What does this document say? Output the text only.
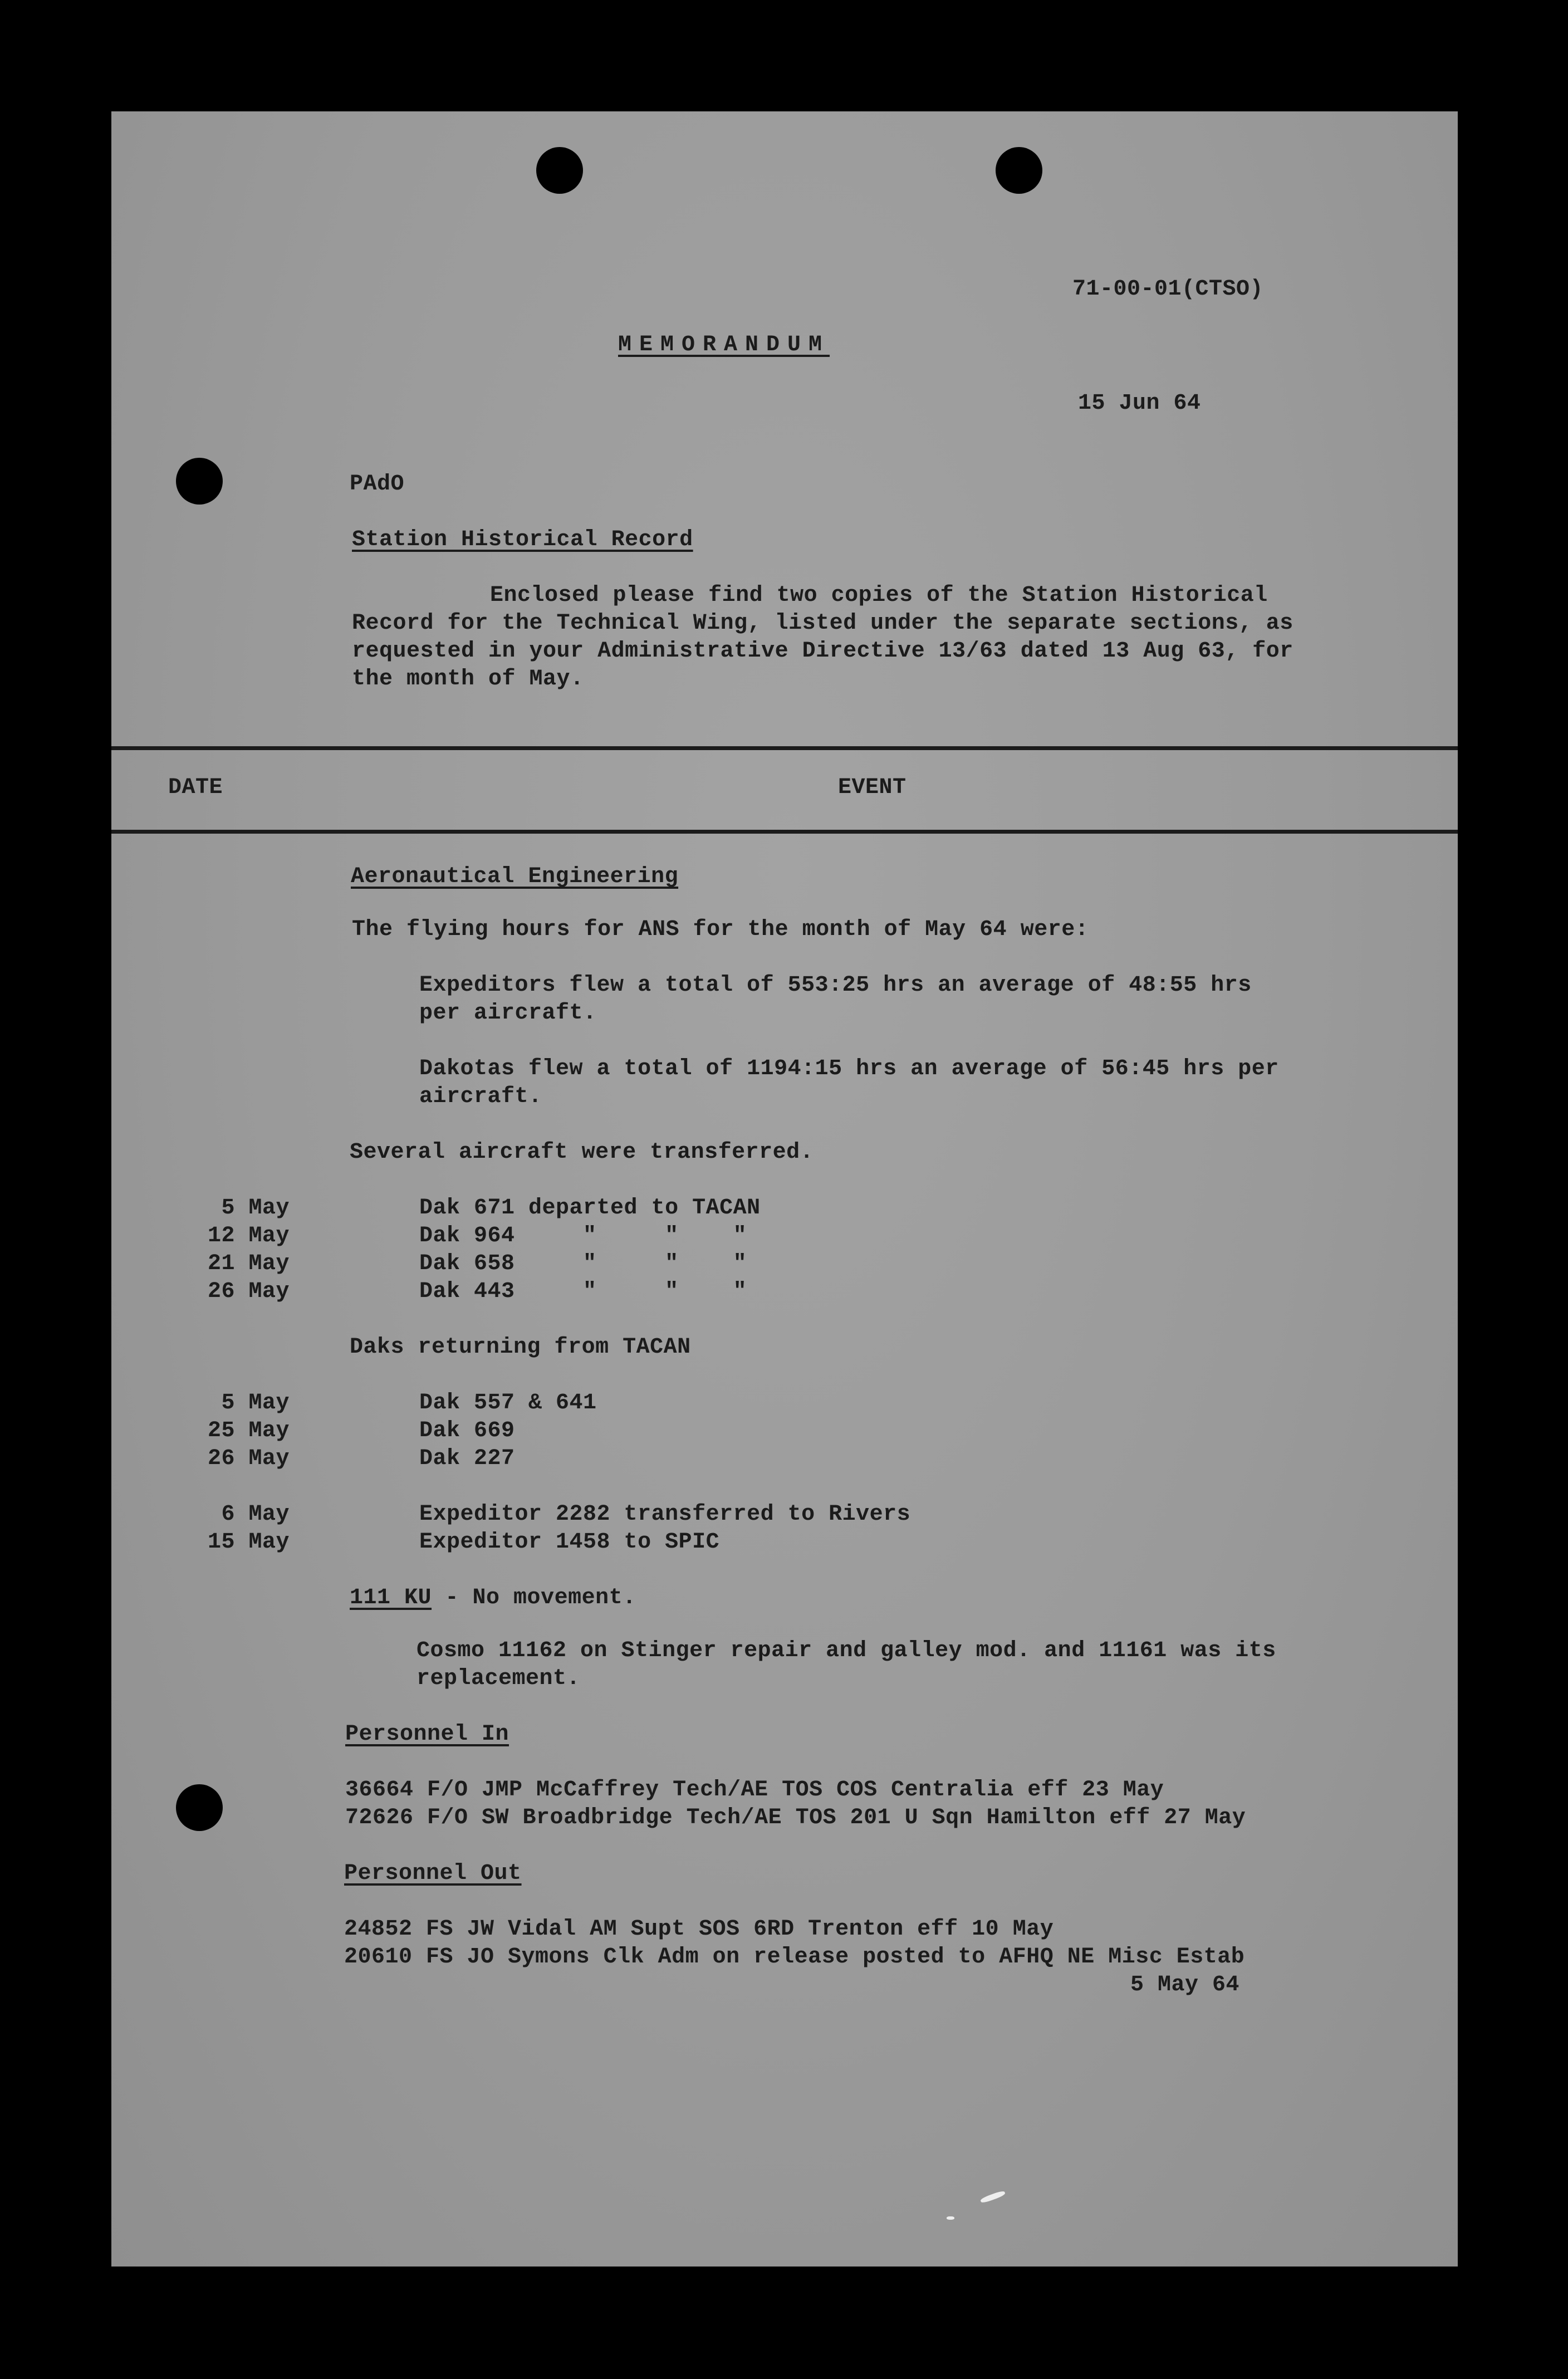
71-00-01(CTSO)
MEMORANDUM
15 Jun 64
PAdO
Station Historical Record
Enclosed please find two copies of the Station Historical
Record for the Technical Wing, listed under the separate sections, as
requested in your Administrative Directive 13/63 dated 13 Aug 63, for
the month of May.
DATE	EVENT
Aeronautical Engineering
The flying hours for ANS for the month of May 64 were:
Expeditors flew a total of 553:25 hrs an average of 48:55 hrs
per aircraft.
Dakotas flew a total of 1194:15 hrs an average of 56:45 hrs per
aircraft.
Several aircraft were transferred.
5 May	Dak 671 departed to TACAN
12 May	Dak 964     "     "    "
21 May	Dak 658     "     "    "
26 May	Dak 443     "     "    "
Daks returning from TACAN
5 May	Dak 557 & 641
25 May	Dak 669
26 May	Dak 227
6 May	Expeditor 2282 transferred to Rivers
15 May	Expeditor 1458 to SPIC
111 KU - No movement.
Cosmo 11162 on Stinger repair and galley mod. and 11161 was its
replacement.
Personnel In
36664 F/O JMP McCaffrey Tech/AE TOS COS Centralia eff 23 May
72626 F/O SW Broadbridge Tech/AE TOS 201 U Sqn Hamilton eff 27 May
Personnel Out
24852 FS JW Vidal AM Supt SOS 6RD Trenton eff 10 May
20610 FS JO Symons Clk Adm on release posted to AFHQ NE Misc Estab
5 May 64
